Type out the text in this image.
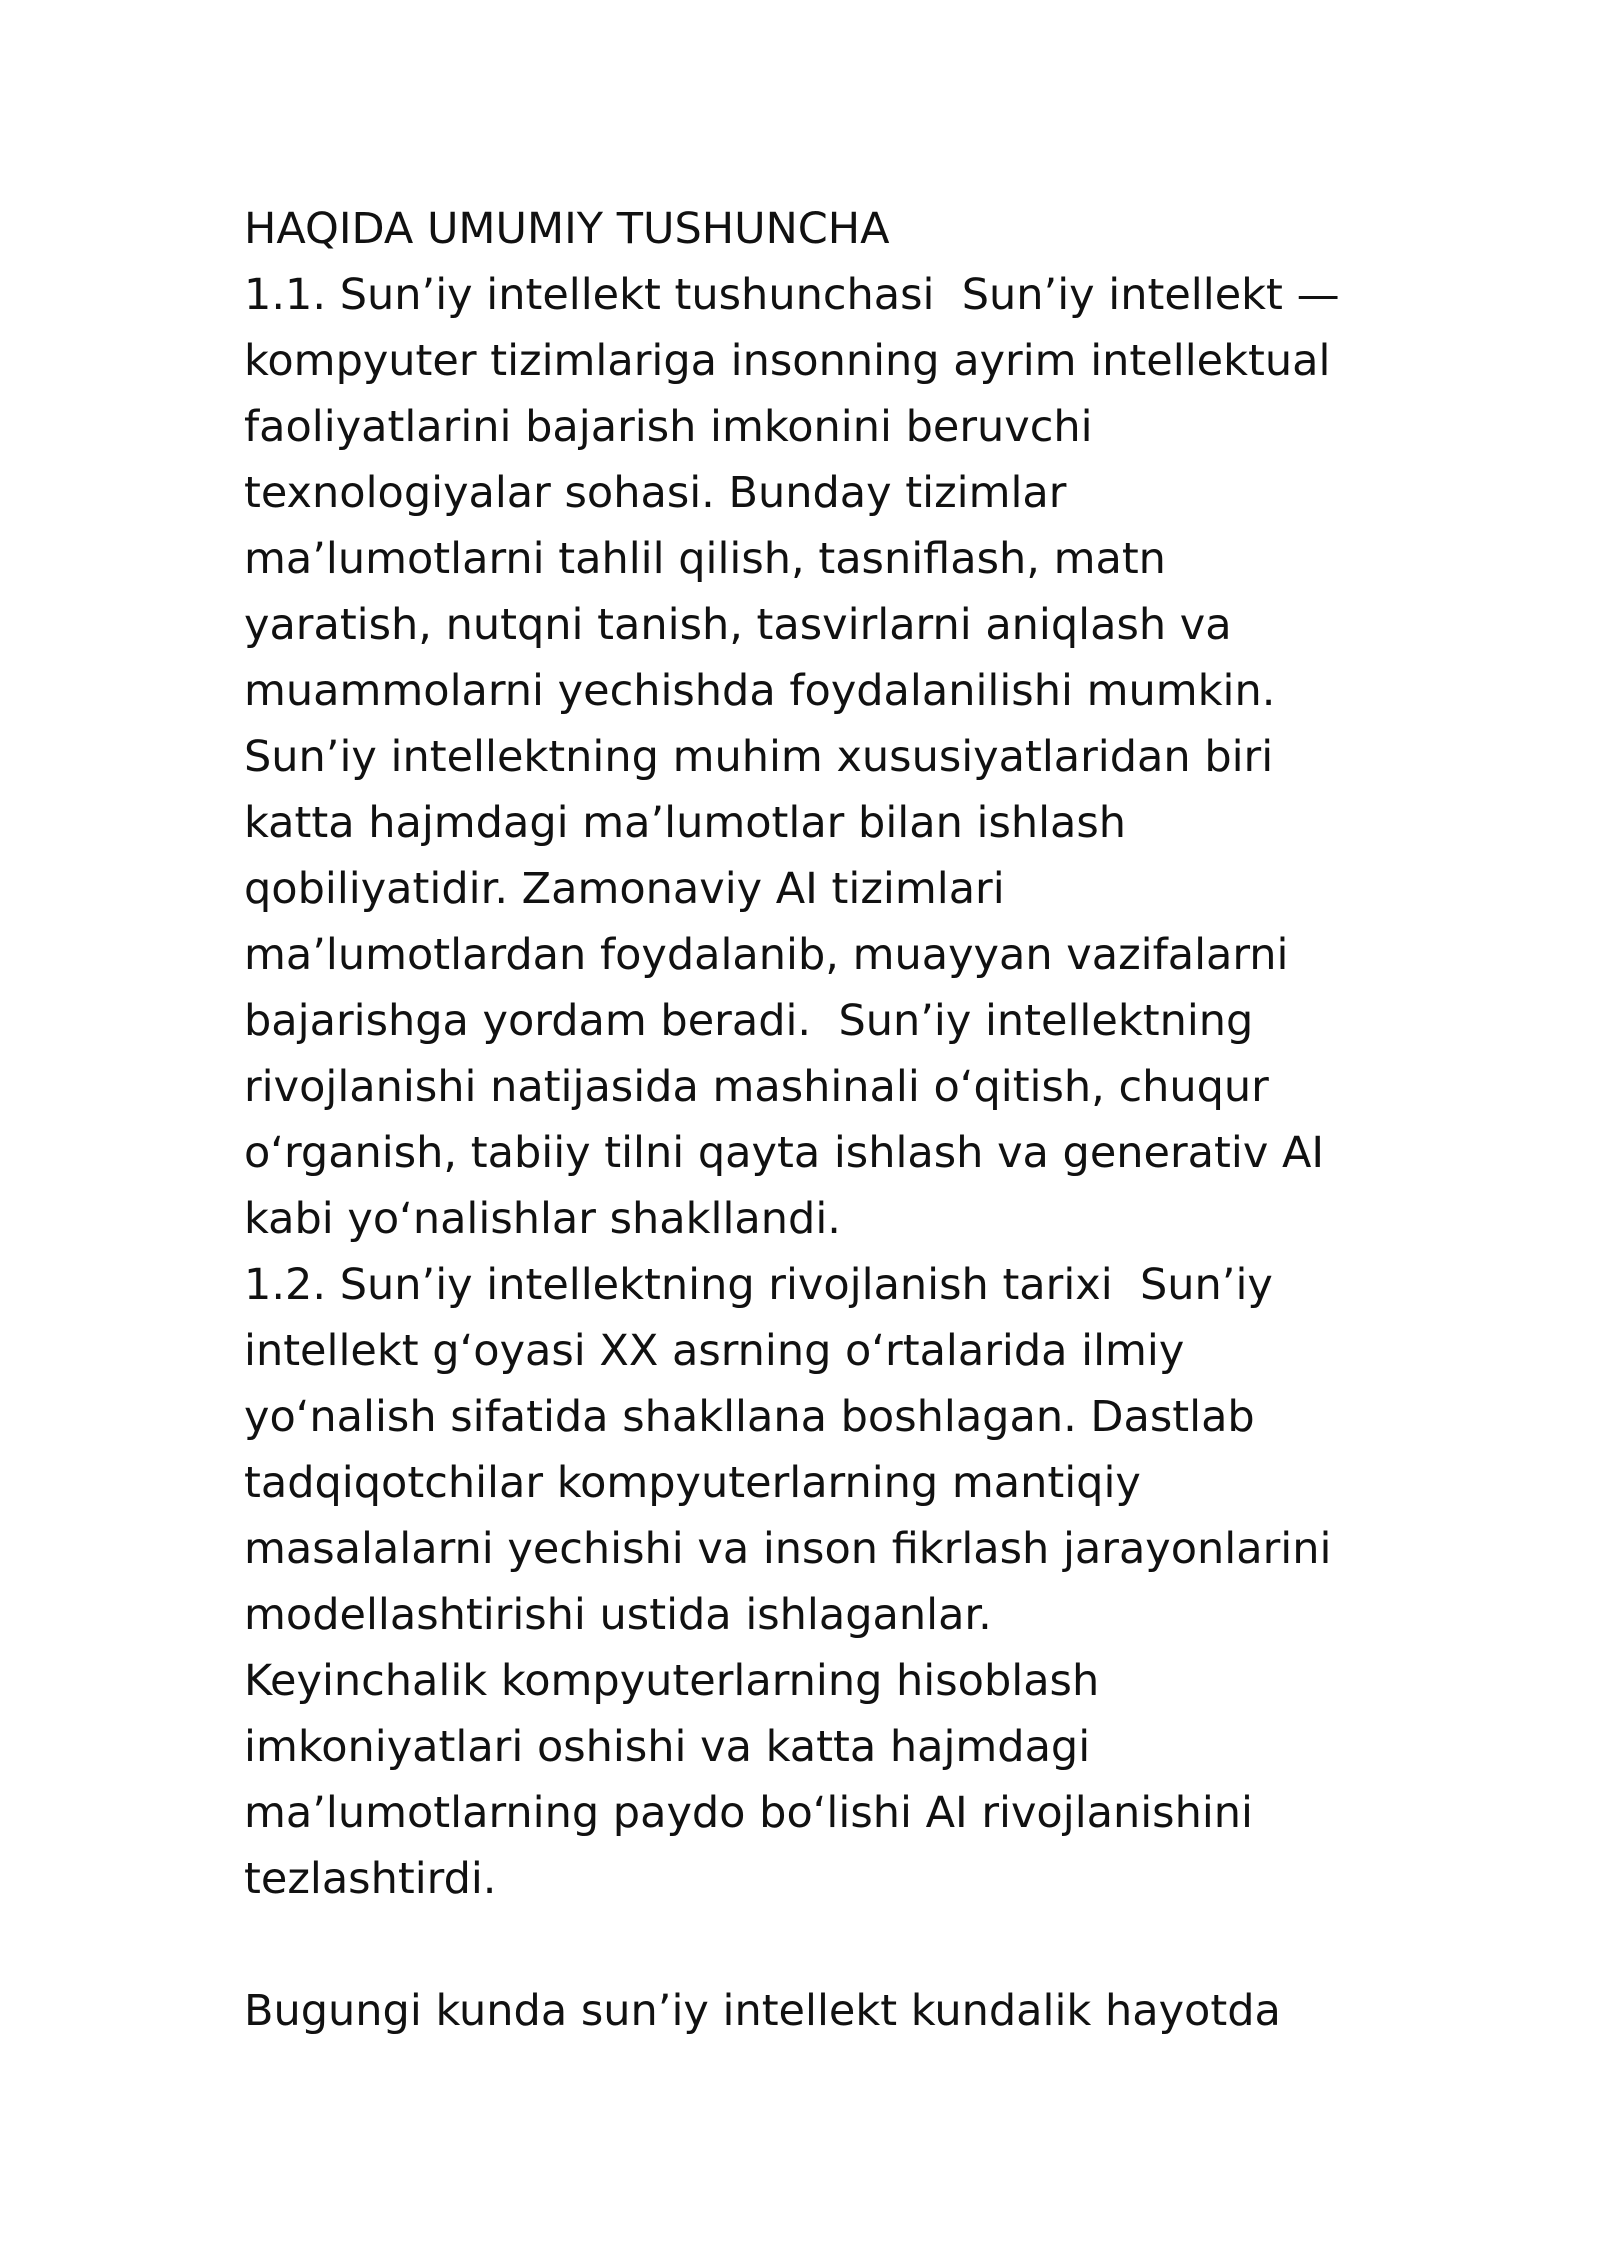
HAQIDA UMUMIY TUSHUNCHA
1.1. Sun’iy intellekt tushunchasi  Sun’iy intellekt —
kompyuter tizimlariga insonning ayrim intellektual
faoliyatlarini bajarish imkonini beruvchi
texnologiyalar sohasi. Bunday tizimlar
ma’lumotlarni tahlil qilish, tasniflash, matn
yaratish, nutqni tanish, tasvirlarni aniqlash va
muammolarni yechishda foydalanilishi mumkin.
Sun’iy intellektning muhim xususiyatlaridan biri
katta hajmdagi ma’lumotlar bilan ishlash
qobiliyatidir. Zamonaviy AI tizimlari
ma’lumotlardan foydalanib, muayyan vazifalarni
bajarishga yordam beradi.  Sun’iy intellektning
rivojlanishi natijasida mashinali o‘qitish, chuqur
o‘rganish, tabiiy tilni qayta ishlash va generativ AI
kabi yo‘nalishlar shakllandi.
1.2. Sun’iy intellektning rivojlanish tarixi  Sun’iy
intellekt g‘oyasi XX asrning o‘rtalarida ilmiy
yo‘nalish sifatida shakllana boshlagan. Dastlab
tadqiqotchilar kompyuterlarning mantiqiy
masalalarni yechishi va inson fikrlash jarayonlarini
modellashtirishi ustida ishlaganlar.
Keyinchalik kompyuterlarning hisoblash
imkoniyatlari oshishi va katta hajmdagi
ma’lumotlarning paydo bo‘lishi AI rivojlanishini
tezlashtirdi.
Bugungi kunda sun’iy intellekt kundalik hayotda
